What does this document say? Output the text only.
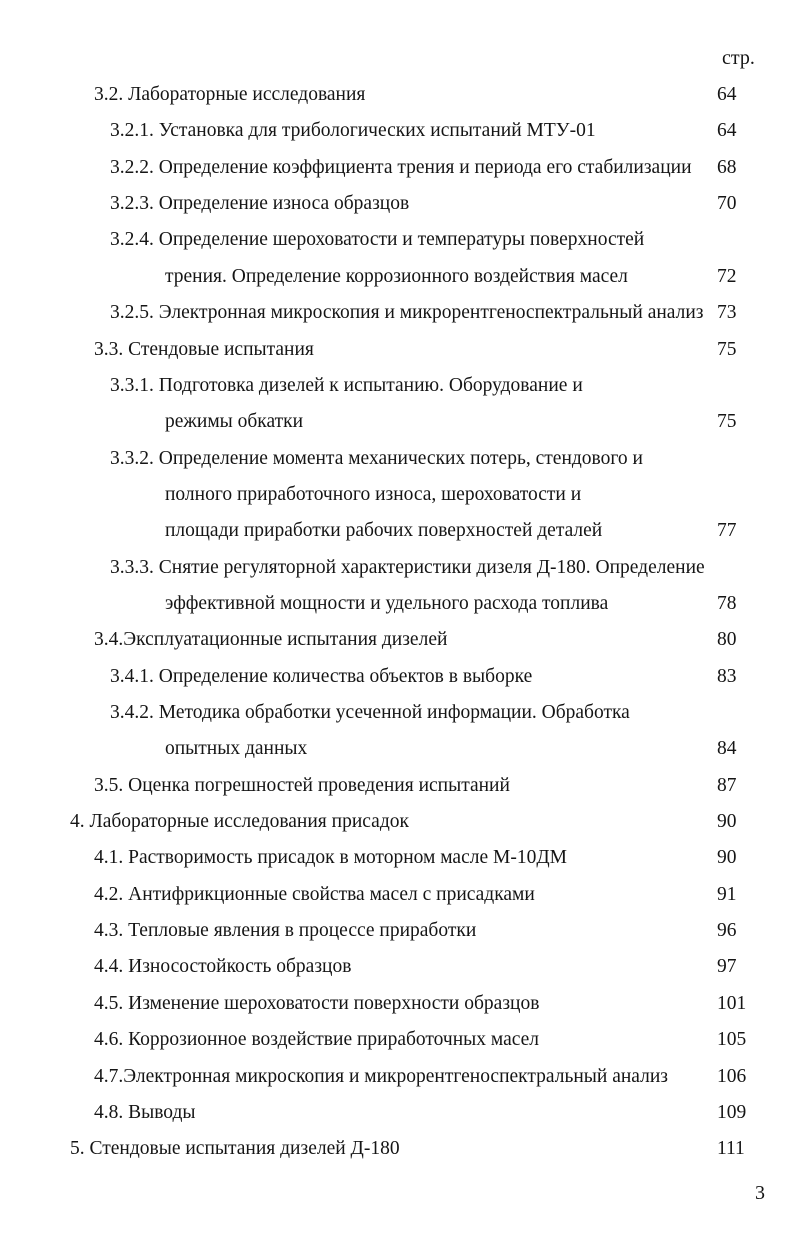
стр.
3.2. Лабораторные исследования	64
3.2.1. Установка для трибологических испытаний МТУ-01	64
3.2.2. Определение коэффициента трения и периода его стабилизации 68
3.2.3. Определение износа образцов	70
3.2.4. Определение шероховатости и температуры поверхностей
трения. Определение коррозионного воздействия масел	72
3.2.5. Электронная микроскопия и микрорентгеноспектральный анализ 73
3.3. Стендовые испытания	75
3.3.1. Подготовка дизелей к испытанию. Оборудование и
режимы обкатки	75
3.3.2. Определение момента механических потерь, стендового и
полного приработочного износа, шероховатости и
площади приработки рабочих поверхностей деталей	77
3.3.3. Снятие регуляторной характеристики дизеля Д-180. Определение
эффективной мощности и удельного расхода топлива	78
3.4.Эксплуатационные испытания дизелей	80
3.4.1. Определение количества объектов в выборке	83
3.4.2. Методика обработки усеченной информации. Обработка
опытных данных	84
3.5. Оценка погрешностей проведения испытаний	87
4. Лабораторные исследования присадок	90
4.1. Растворимость присадок в моторном масле М-10ДМ	90
4.2. Антифрикционные свойства масел с присадками	91
4.3. Тепловые явления в процессе приработки	96
4.4. Износостойкость образцов	97
4.5. Изменение шероховатости поверхности образцов	101
4.6. Коррозионное воздействие приработочных масел	105
4.7.Электронная микроскопия и микрорентгеноспектральный анализ	106
4.8. Выводы	109
5. Стендовые испытания дизелей Д-180	111
3
